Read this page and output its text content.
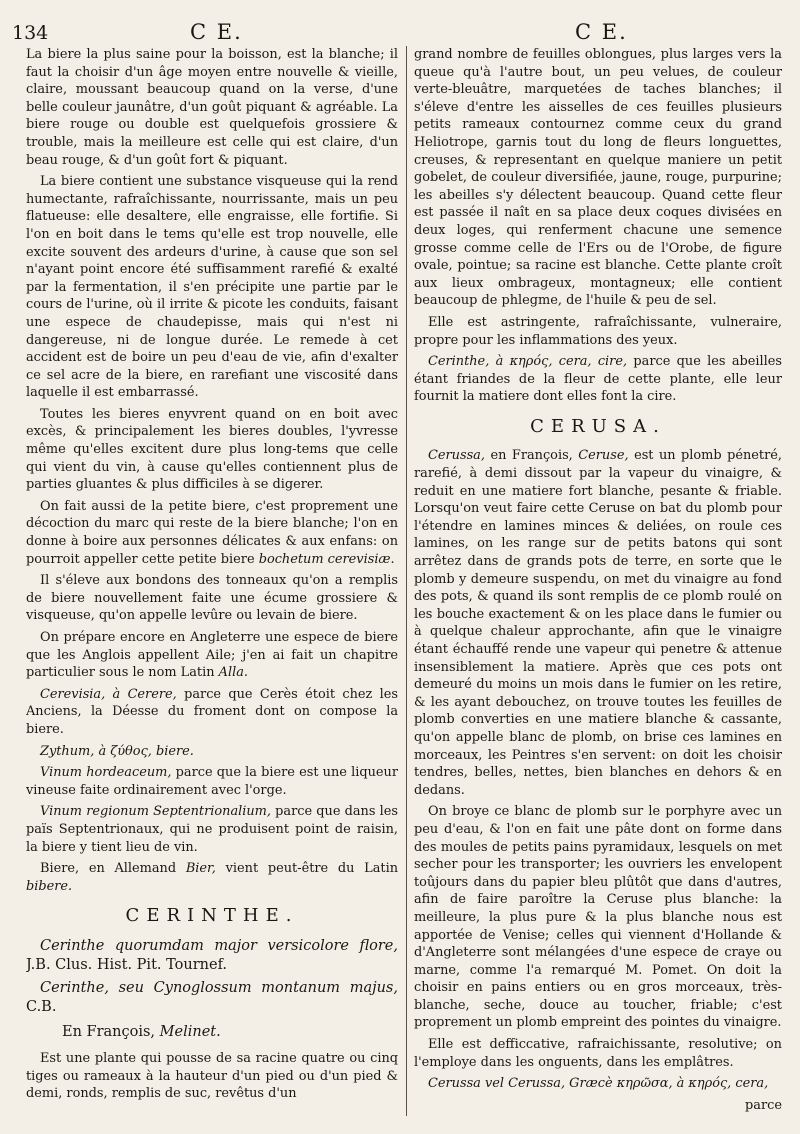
134	C E.	C E.

La biere la plus saine pour la boisson, est la blanche; il faut la choisir d'un âge moyen entre nouvelle & vieille, claire, moussant beaucoup quand on la verse, d'une belle couleur jaunâtre, d'un goût piquant & agréable. La biere rouge ou double est quelquefois grossiere & trouble, mais la meilleure est celle qui est claire, d'un beau rouge, & d'un goût fort & piquant.

La biere contient une substance visqueuse qui la rend humectante, rafraîchissante, nourrissante, mais un peu flatueuse: elle desaltere, elle engraisse, elle fortifie. Si l'on en boit dans le tems qu'elle est trop nouvelle, elle excite souvent des ardeurs d'urine, à cause que son sel n'ayant point encore été suffisamment rarefié & exalté par la fermentation, il s'en précipite une partie par le cours de l'urine, où il irrite & picote les conduits, faisant une espece de chaudepisse, mais qui n'est ni dangereuse, ni de longue durée. Le remede à cet accident est de boire un peu d'eau de vie, afin d'exalter ce sel acre de la biere, en rarefiant une viscosité dans laquelle il est embarrassé.

Toutes les bieres enyvrent quand on en boit avec excès, & principalement les bieres doubles, l'yvresse même qu'elles excitent dure plus long-tems que celle qui vient du vin, à cause qu'elles contiennent plus de parties gluantes & plus difficiles à se digerer.

On fait aussi de la petite biere, c'est proprement une décoction du marc qui reste de la biere blanche; l'on en donne à boire aux personnes délicates & aux enfans: on pourroit appeller cette petite biere bochetum cerevisiæ.

Il s'éleve aux bondons des tonneaux qu'on a remplis de biere nouvellement faite une écume grossiere & visqueuse, qu'on appelle levûre ou levain de biere.

On prépare encore en Angleterre une espece de biere que les Anglois appellent Aile; j'en ai fait un chapitre particulier sous le nom Latin Alla.

Cerevisia, à Cerere, parce que Cerès étoit chez les Anciens, la Déesse du froment dont on compose la biere.

Zythum, à ζύθος, biere.

Vinum hordeaceum, parce que la biere est une liqueur vineuse faite ordinairement avec l'orge.

Vinum regionum Septentrionalium, parce que dans les païs Septentrionaux, qui ne produisent point de raisin, la biere y tient lieu de vin.

Biere, en Allemand Bier, vient peut-être du Latin bibere.

CERINTHE.

Cerinthe quorumdam major versicolore flore, J.B. Clus. Hist. Pit. Tournef.

Cerinthe, seu Cynoglossum montanum majus, C.B.

En François, Melinet.

Est une plante qui pousse de sa racine quatre ou cinq tiges ou rameaux à la hauteur d'un pied ou d'un pied & demi, ronds, remplis de suc, revêtus d'un

grand nombre de feuilles oblongues, plus larges vers la queue qu'à l'autre bout, un peu velues, de couleur verte-bleuâtre, marquetées de taches blanches; il s'éleve d'entre les aisselles de ces feuilles plusieurs petits rameaux contournez comme ceux du grand Heliotrope, garnis tout du long de fleurs longuettes, creuses, & representant en quelque maniere un petit gobelet, de couleur diversifiée, jaune, rouge, purpurine; les abeilles s'y délectent beaucoup. Quand cette fleur est passée il naît en sa place deux coques divisées en deux loges, qui renferment chacune une semence grosse comme celle de l'Ers ou de l'Orobe, de figure ovale, pointue; sa racine est blanche. Cette plante croît aux lieux ombrageux, montagneux; elle contient beaucoup de phlegme, de l'huile & peu de sel.

Elle est astringente, rafraîchissante, vulneraire, propre pour les inflammations des yeux.

Cerinthe, à κηρός, cera, cire, parce que les abeilles étant friandes de la fleur de cette plante, elle leur fournit la matiere dont elles font la cire.

CERUSA.

Cerussa, en François, Ceruse, est un plomb pénetré, rarefié, à demi dissout par la vapeur du vinaigre, & reduit en une matiere fort blanche, pesante & friable. Lorsqu'on veut faire cette Ceruse on bat du plomb pour l'étendre en lamines minces & deliées, on roule ces lamines, on les range sur de petits batons qui sont arrêtez dans de grands pots de terre, en sorte que le plomb y demeure suspendu, on met du vinaigre au fond des pots, & quand ils sont remplis de ce plomb roulé on les bouche exactement & on les place dans le fumier ou à quelque chaleur approchante, afin que le vinaigre étant échauffé rende une vapeur qui penetre & attenue insensiblement la matiere. Après que ces pots ont demeuré du moins un mois dans le fumier on les retire, & les ayant debouchez, on trouve toutes les feuilles de plomb converties en une matiere blanche & cassante, qu'on appelle blanc de plomb, on brise ces lamines en morceaux, les Peintres s'en servent: on doit les choisir tendres, belles, nettes, bien blanches en dehors & en dedans.

On broye ce blanc de plomb sur le porphyre avec un peu d'eau, & l'on en fait une pâte dont on forme dans des moules de petits pains pyramidaux, lesquels on met secher pour les transporter; les ouvriers les envelopent toûjours dans du papier bleu plûtôt que dans d'autres, afin de faire paroître la Ceruse plus blanche: la meilleure, la plus pure & la plus blanche nous est apportée de Venise; celles qui viennent d'Hollande & d'Angleterre sont mélangées d'une espece de craye ou marne, comme l'a remarqué M. Pomet. On doit la choisir en pains entiers ou en gros morceaux, très-blanche, seche, douce au toucher, friable; c'est proprement un plomb empreint des pointes du vinaigre.

Elle est defficcative, rafraichissante, resolutive; on l'employe dans les onguents, dans les emplâtres.

Cerussa vel Cerussa, Græcè κηρῶσα, à κηρός, cera,

parce
